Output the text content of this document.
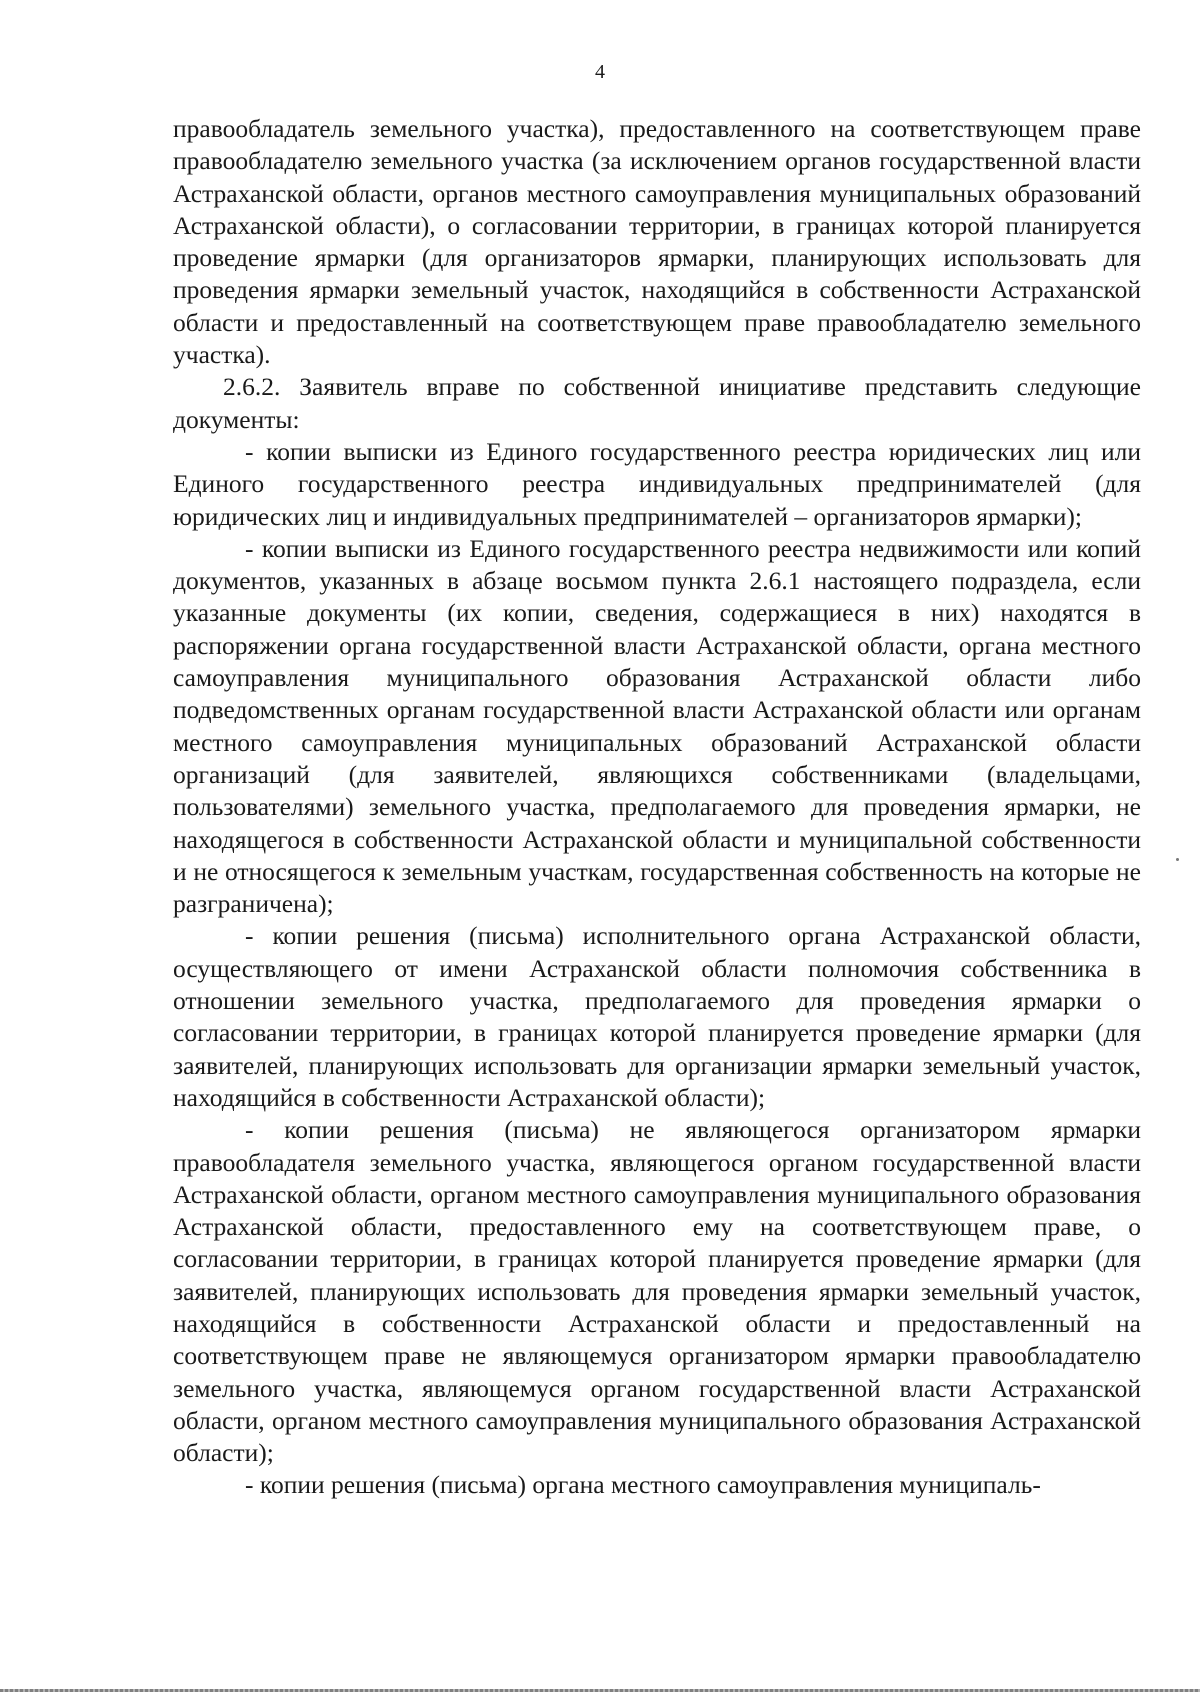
4

правообладатель земельного участка), предоставленного на соответствующем праве правообладателю земельного участка (за исключением органов государственной власти Астраханской области, органов местного самоуправления муниципальных образований Астраханской области), о согласовании территории, в границах которой планируется проведение ярмарки (для организаторов ярмарки, планирующих использовать для проведения ярмарки земельный участок, находящийся в собственности Астраханской области и предоставленный на соответствующем праве правообладателю земельного участка).

2.6.2. Заявитель вправе по собственной инициативе представить следующие документы:

- копии выписки из Единого государственного реестра юридических лиц или Единого государственного реестра индивидуальных предпринимателей (для юридических лиц и индивидуальных предпринимателей – организаторов ярмарки);

- копии выписки из Единого государственного реестра недвижимости или копий документов, указанных в абзаце восьмом пункта 2.6.1 настоящего подраздела, если указанные документы (их копии, сведения, содержащиеся в них) находятся в распоряжении органа государственной власти Астраханской области, органа местного самоуправления муниципального образования Астраханской области либо подведомственных органам государственной власти Астраханской области или органам местного самоуправления муниципальных образований Астраханской области организаций (для заявителей, являющихся собственниками (владельцами, пользователями) земельного участка, предполагаемого для проведения ярмарки, не находящегося в собственности Астраханской области и муниципальной собственности и не относящегося к земельным участкам, государственная собственность на которые не разграничена);

- копии решения (письма) исполнительного органа Астраханской области, осуществляющего от имени Астраханской области полномочия собственника в отношении земельного участка, предполагаемого для проведения ярмарки о согласовании территории, в границах которой планируется проведение ярмарки (для заявителей, планирующих использовать для организации ярмарки земельный участок, находящийся в собственности Астраханской области);

- копии решения (письма) не являющегося организатором ярмарки правообладателя земельного участка, являющегося органом государственной власти Астраханской области, органом местного самоуправления муниципального образования Астраханской области, предоставленного ему на соответствующем праве, о согласовании территории, в границах которой планируется проведение ярмарки (для заявителей, планирующих использовать для проведения ярмарки земельный участок, находящийся в собственности Астраханской области и предоставленный на соответствующем праве не являющемуся организатором ярмарки правообладателю земельного участка, являющемуся органом государственной власти Астраханской области, органом местного самоуправления муниципального образования Астраханской области);

- копии решения (письма) органа местного самоуправления муниципаль-
